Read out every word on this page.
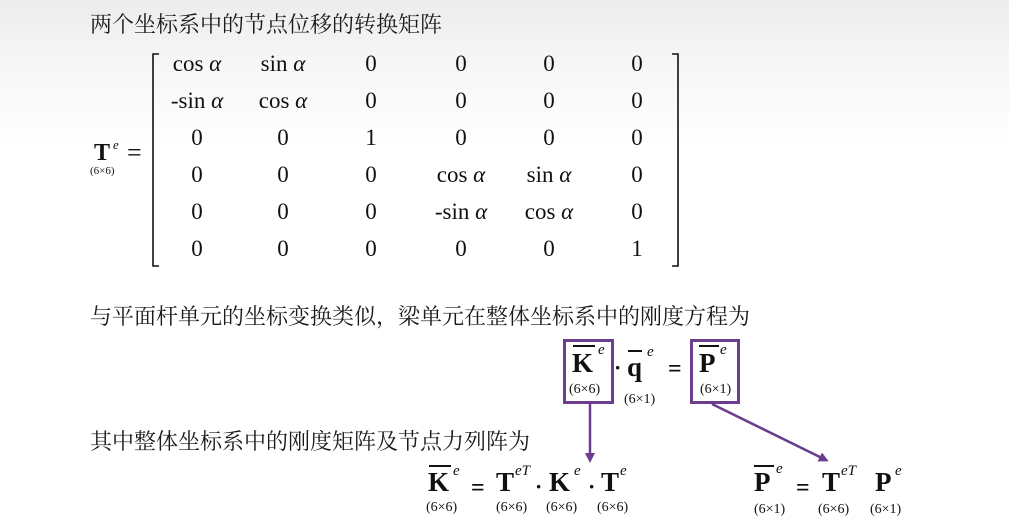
两个坐标系中的节点位移的转换矩阵
与平面杆单元的坐标变换类似，梁单元在整体坐标系中的刚度方程为
其中整体坐标系中的刚度矩阵及节点力列阵为
T e
(6×6)
=
cos α	sin α	0	0	0	0
-sin α	cos α	0	0	0	0
0	0	1	0	0	0
0	0	0	cos α	sin α	0
0	0	0	-sin α	cos α	0
0	0	0	0	0	1
K e
(6×6)
· q e
(6×1)
= P e
(6×1)
K e
(6×6)
= T eT
(6×6)
· K e
(6×6)
· T e
(6×6)
P e
(6×1)
= T eT
(6×6)
P e
(6×1)
